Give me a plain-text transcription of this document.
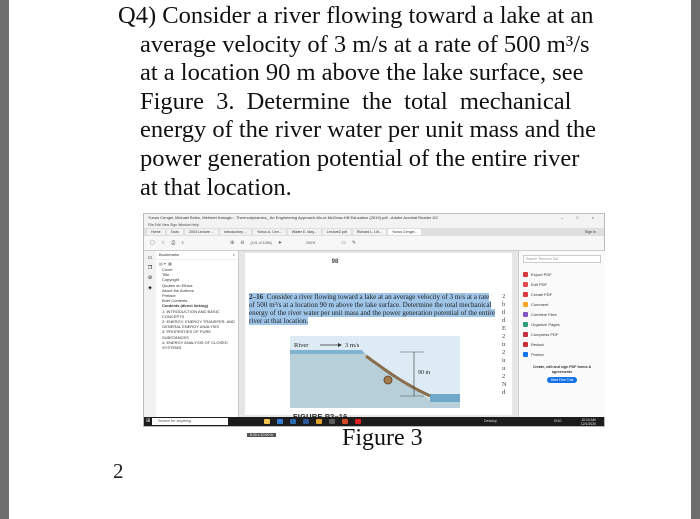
Q4) Consider a river flowing toward a lake at an
average velocity of 3 m/s at a rate of 500 m³/s
at a location 90 m above the lake surface, see
Figure 3. Determine the total mechanical
energy of the river water per unit mass and the
power generation potential of the entire river
at that location.
Yunus Cengel, Michael Boles, Mehmet Kanoglu - Thermodynamics_ An Engineering Approach-Mc-ut McGraw-Hill Education (2019).pdf - Adobe Acrobat Reader DC	– □ ×
File Edit View Sign Window Help
Home	Tools	2003 Lecture ...	Introductory ...	Yunus A. Cen...	Walter E. May...	Lecture2.pdf	Richard L. Lib...	Yunus Cengel...	Sign In
▢ ☆ ⎙ ⌕	⊕ ⊖ (101 of 1056) ➤	200%	▭ ✎
▭
❐
⊘
◈
Bookmarks	×
▤ ▾  ▦
Cover
Title
Copyright
Quotes on Ethics
About the Authors
Preface
Brief Contents
Contents (direct linking)
1: INTRODUCTION AND BASIC CONCEPTS
2: ENERGY, ENERGY TRANSFER, AND GENERAL ENERGY ANALYSIS
3: PROPERTIES OF PURE SUBSTANCES
4: ENERGY ANALYSIS OF CLOSED SYSTEMS
98
2–16 Consider a river flowing toward a lake at an average velocity of 3 m/s at a rate of 500 m³/s at a location 90 m above the lake surface. Determine the total mechanical energy of the river water per unit mass and the power generation potential of the entire river at that location.
2
b
tl
d
E
2
tı
2
iı
ıı
2
N
d
River	3 m/s
90 m
8.00 x 10.00 in
Search 'Remove Dat'
Export PDF
Edit PDF
Create PDF
Comment
Combine Files
Organize Pages
Compress PDF
Redact
Protect
Create, edit and sign PDF forms & agreements
Start Free Trial
⊞	Search for anything	Desktop	ENG	10:10 AM
12/1/2020
Figure 3
2
